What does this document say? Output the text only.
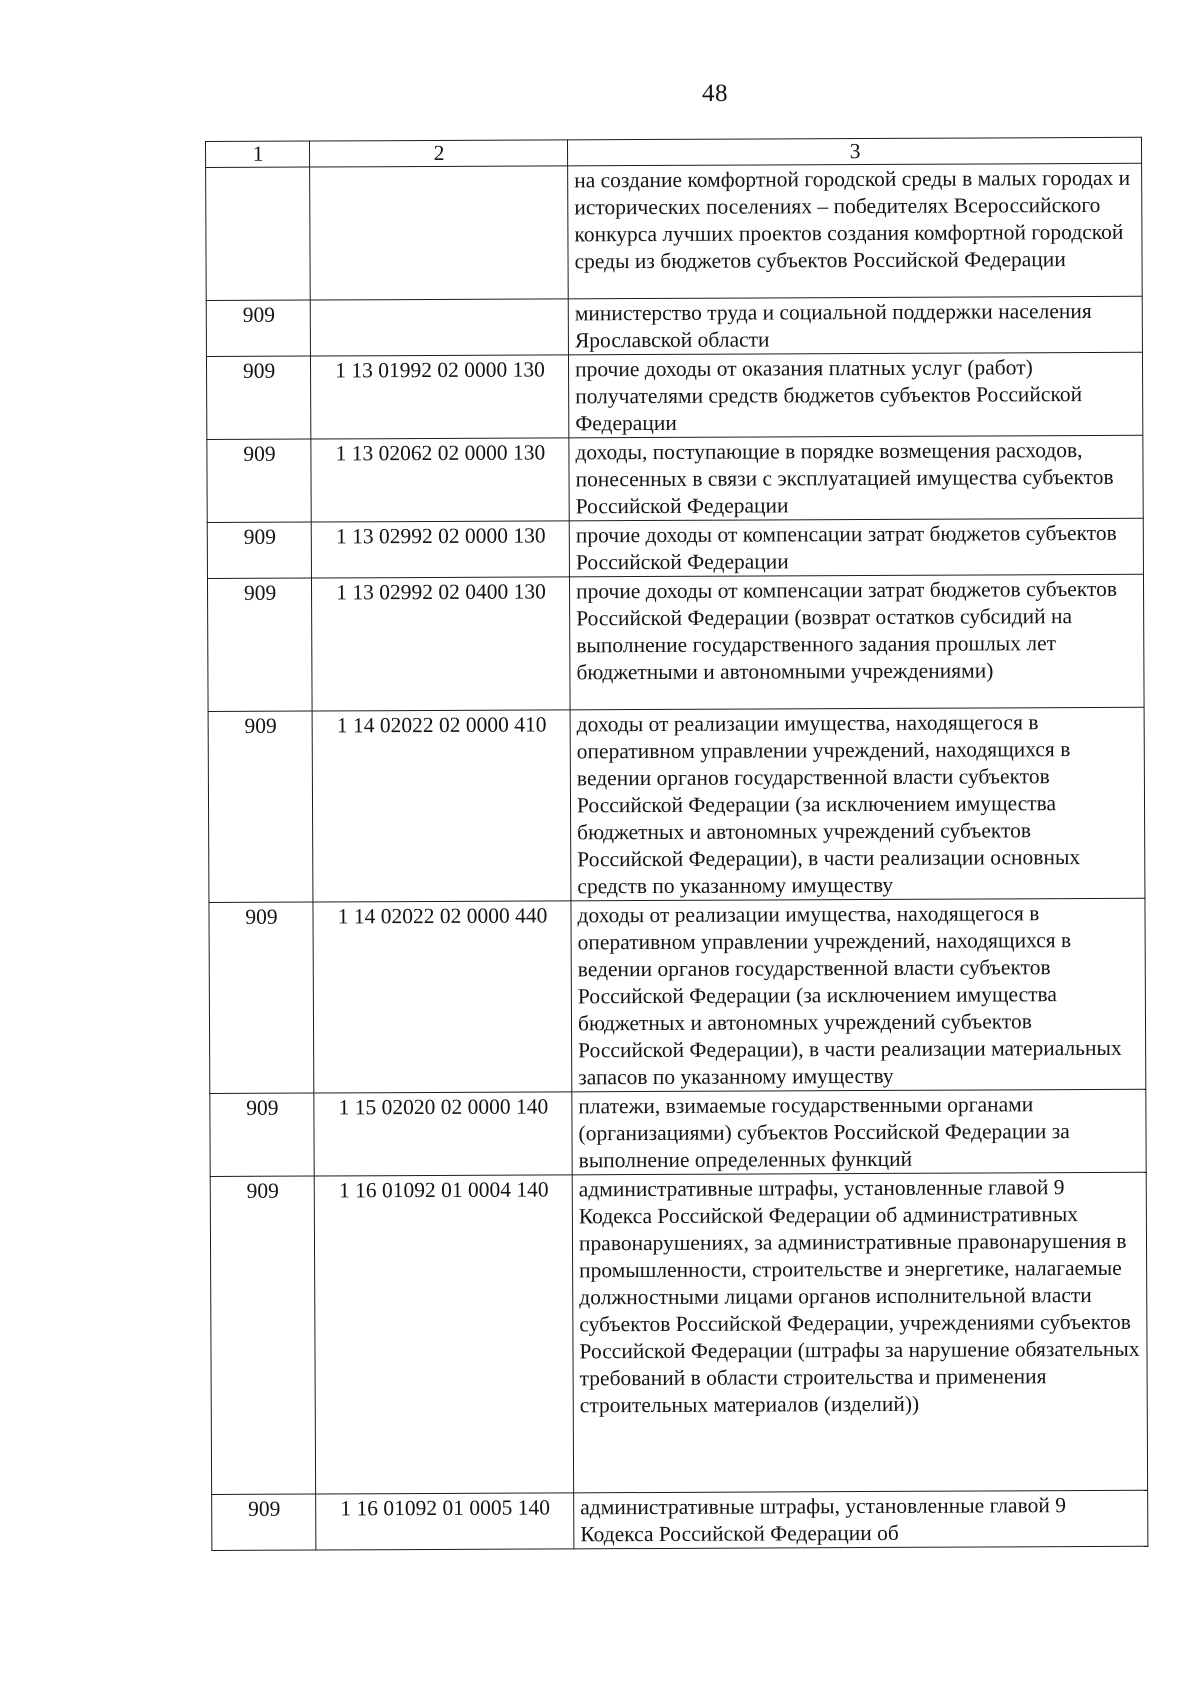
48
1	2	3
		на создание комфортной городской среды в малых городах и исторических поселениях – победителях Всероссийского конкурса лучших проектов создания комфортной городской среды из бюджетов субъектов Российской Федерации
909		министерство труда и социальной поддержки населения Ярославской области
909	1 13 01992 02 0000 130	прочие доходы от оказания платных услуг (работ) получателями средств бюджетов субъектов Российской Федерации
909	1 13 02062 02 0000 130	доходы, поступающие в порядке возмещения расходов, понесенных в связи с эксплуатацией имущества субъектов Российской Федерации
909	1 13 02992 02 0000 130	прочие доходы от компенсации затрат бюджетов субъектов Российской Федерации
909	1 13 02992 02 0400 130	прочие доходы от компенсации затрат бюджетов субъектов Российской Федерации (возврат остатков субсидий на выполнение государственного задания прошлых лет бюджетными и автономными учреждениями)
909	1 14 02022 02 0000 410	доходы от реализации имущества, находящегося в оперативном управлении учреждений, находящихся в ведении органов государственной власти субъектов Российской Федерации (за исключением имущества бюджетных и автономных учреждений субъектов Российской Федерации), в части реализации основных средств по указанному имуществу
909	1 14 02022 02 0000 440	доходы от реализации имущества, находящегося в оперативном управлении учреждений, находящихся в ведении органов государственной власти субъектов Российской Федерации (за исключением имущества бюджетных и автономных учреждений субъектов Российской Федерации), в части реализации материальных запасов по указанному имуществу
909	1 15 02020 02 0000 140	платежи, взимаемые государственными органами (организациями) субъектов Российской Федерации за выполнение определенных функций
909	1 16 01092 01 0004 140	административные штрафы, установленные главой 9 Кодекса Российской Федерации об административных правонарушениях, за административные правонарушения в промышленности, строительстве и энергетике, налагаемые должностными лицами органов исполнительной власти субъектов Российской Федерации, учреждениями субъектов Российской Федерации (штрафы за нарушение обязательных требований в области строительства и применения строительных материалов (изделий))
909	1 16 01092 01 0005 140	административные штрафы, установленные главой 9 Кодекса Российской Федерации об
